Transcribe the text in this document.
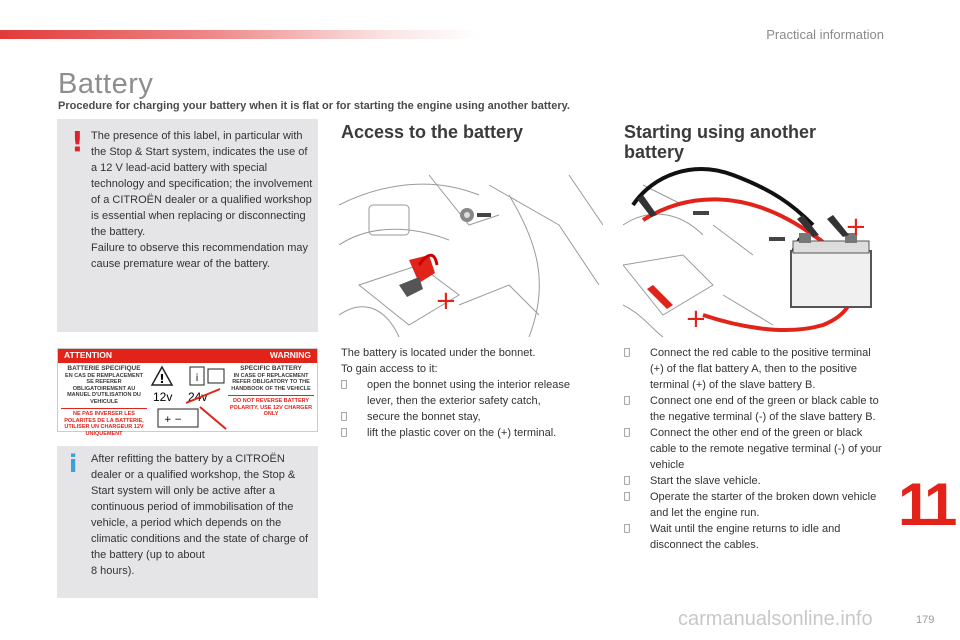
Practical information
Battery
Procedure for charging your battery when it is flat or for starting the engine using another battery.
! The presence of this label, in particular with the Stop & Start system, indicates the use of a 12 V lead-acid battery with special technology and specification; the involvement of a CITROËN dealer or a qualified workshop is essential when replacing or disconnecting the battery.
Failure to observe this recommendation may cause premature wear of the battery.
ATTENTION	WARNING
BATTERIE SPECIFIQUE
EN CAS DE REMPLACEMENT SE REFERER OBLIGATOIREMENT AU MANUEL D'UTILISATION DU VEHICULE
NE PAS INVERSER LES POLARITES DE LA BATTERIE, UTILISER UN CHARGEUR 12V UNIQUEMENT
!	i
12v 24v
+ −
SPECIFIC BATTERY
IN CASE OF REPLACEMENT REFER OBLIGATORY TO THE HANDBOOK OF THE VEHICLE
DO NOT REVERSE BATTERY POLARITY, USE 12V CHARGER ONLY
i After refitting the battery by a CITROËN dealer or a qualified workshop, the Stop & Start system will only be active after a continuous period of immobilisation of the vehicle, a period which depends on the climatic conditions and the state of charge of the battery (up to about
8 hours).
Access to the battery
+
The battery is located under the bonnet.
To gain access to it:
open the bonnet using the interior release lever, then the exterior safety catch,
secure the bonnet stay,
lift the plastic cover on the (+) terminal.
Starting using another battery
+
+
Connect the red cable to the positive terminal (+) of the flat battery A, then to the positive terminal (+) of the slave battery B.
Connect one end of the green or black cable to the negative terminal (-) of the slave battery B.
Connect the other end of the green or black cable to the remote negative terminal (-) of your vehicle
Start the slave vehicle.
Operate the starter of the broken down vehicle and let the engine run.
Wait until the engine returns to idle and disconnect the cables.
11
carmanualsonline.info	179
